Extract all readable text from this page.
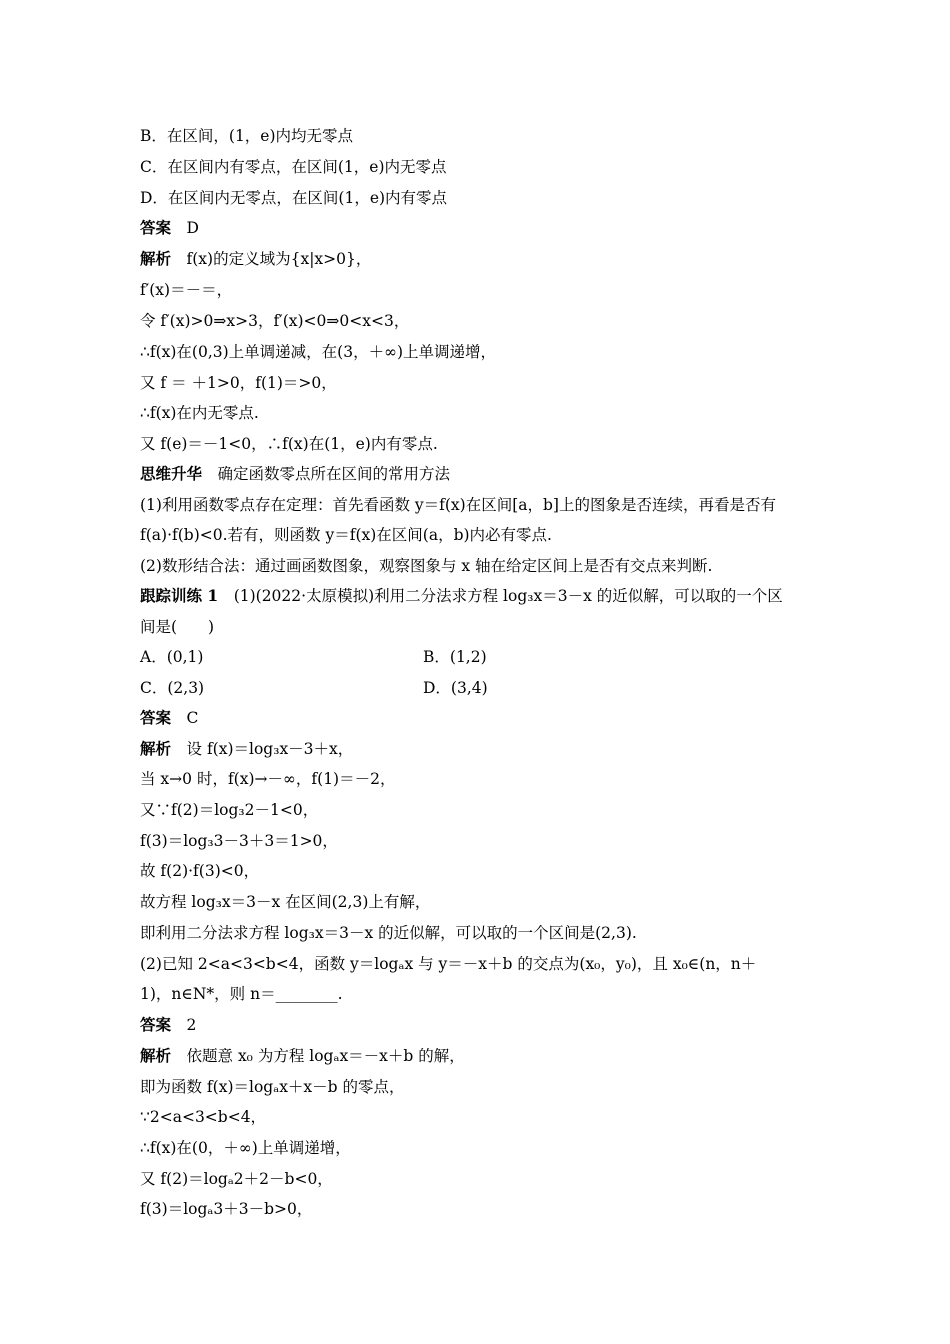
B．在区间，(1，e)内均无零点
C．在区间内有零点，在区间(1，e)内无零点
D．在区间内无零点，在区间(1，e)内有零点
答案　D
解析　f(x)的定义域为{x|x>0}，
f′(x)＝－＝，
令 f′(x)>0⇒x>3，f′(x)<0⇒0<x<3，
∴f(x)在(0,3)上单调递减，在(3，＋∞)上单调递增，
又 f ＝ ＋1>0，f(1)＝>0，
∴f(x)在内无零点.
又 f(e)＝－1<0，∴f(x)在(1，e)内有零点.
思维升华　确定函数零点所在区间的常用方法
(1)利用函数零点存在定理：首先看函数 y＝f(x)在区间[a，b]上的图象是否连续，再看是否有
f(a)·f(b)<0.若有，则函数 y＝f(x)在区间(a，b)内必有零点.
(2)数形结合法：通过画函数图象，观察图象与 x 轴在给定区间上是否有交点来判断.
跟踪训练 1　(1)(2022·太原模拟)利用二分法求方程 log₃x＝3－x 的近似解，可以取的一个区
间是(　　)
A．(0,1)	B．(1,2)
C．(2,3)	D．(3,4)
答案　C
解析　设 f(x)＝log₃x－3＋x，
当 x→0 时，f(x)→－∞，f(1)＝－2，
又∵f(2)＝log₃2－1<0，
f(3)＝log₃3－3＋3＝1>0，
故 f(2)·f(3)<0，
故方程 log₃x＝3－x 在区间(2,3)上有解，
即利用二分法求方程 log₃x＝3－x 的近似解，可以取的一个区间是(2,3).
(2)已知 2<a<3<b<4，函数 y＝logₐx 与 y＝－x＋b 的交点为(x₀，y₀)，且 x₀∈(n，n＋
1)，n∈N*，则 n＝________.
答案　2
解析　依题意 x₀ 为方程 logₐx＝－x＋b 的解，
即为函数 f(x)＝logₐx＋x－b 的零点，
∵2<a<3<b<4，
∴f(x)在(0，＋∞)上单调递增，
又 f(2)＝logₐ2＋2－b<0，
f(3)＝logₐ3＋3－b>0，
